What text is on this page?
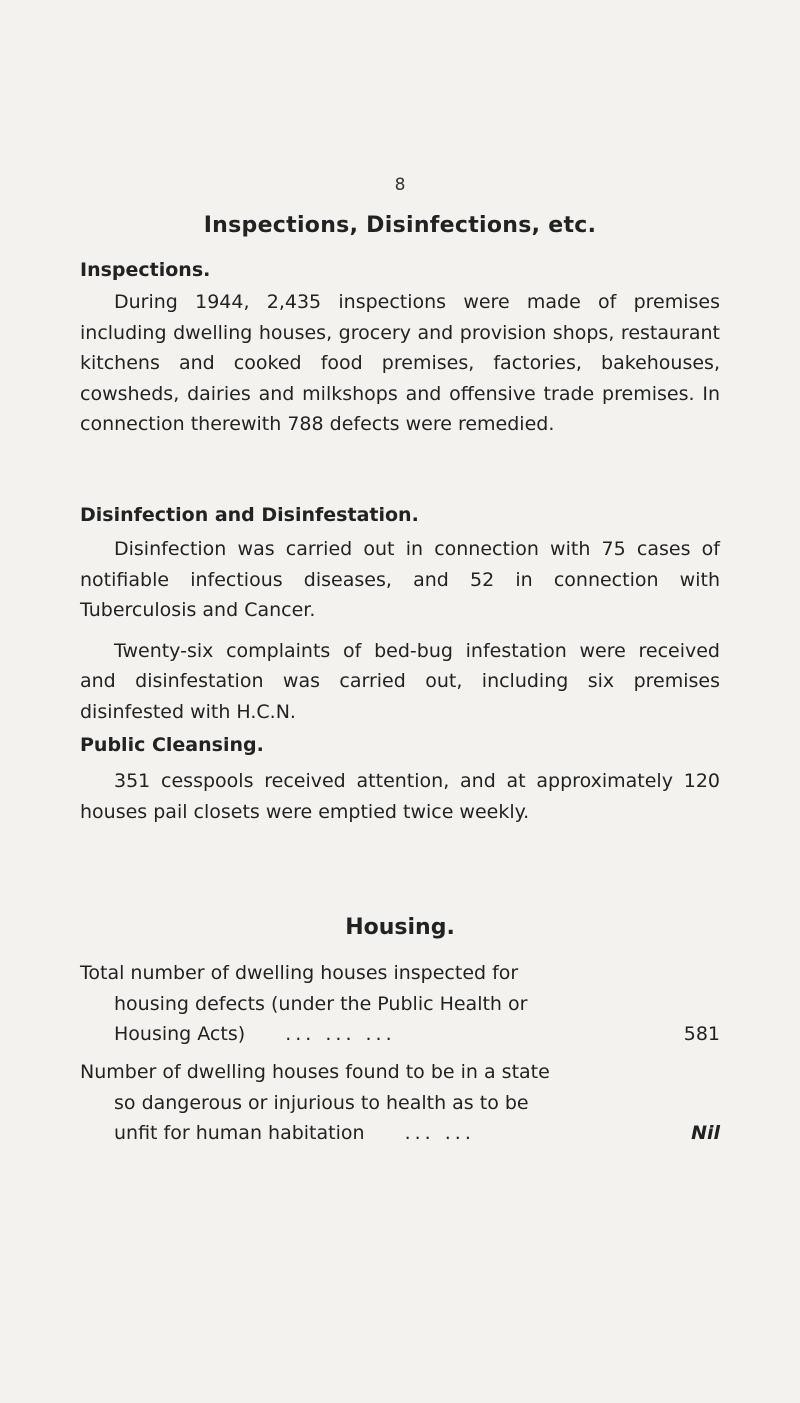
8
Inspections, Disinfections, etc.

Inspections.

During 1944, 2,435 inspections were made of premises including dwelling houses, grocery and provision shops, restaurant kitchens and cooked food premises, factories, bakehouses, cowsheds, dairies and milkshops and offensive trade premises. In connection therewith 788 defects were remedied.

Disinfection and Disinfestation.

Disinfection was carried out in connection with 75 cases of notifiable infectious diseases, and 52 in connection with Tuberculosis and Cancer.

Twenty-six complaints of bed-bug infestation were received and disinfestation was carried out, including six premises disinfested with H.C.N.

Public Cleansing.

351 cesspools received attention, and at approximately 120 houses pail closets were emptied twice weekly.

Housing.
Total number of dwelling houses inspected for
housing defects (under the Public Health or
Housing Acts) ... ... ...	581
Number of dwelling houses found to be in a state
so dangerous or injurious to health as to be
unfit for human habitation ... ...	Nil
